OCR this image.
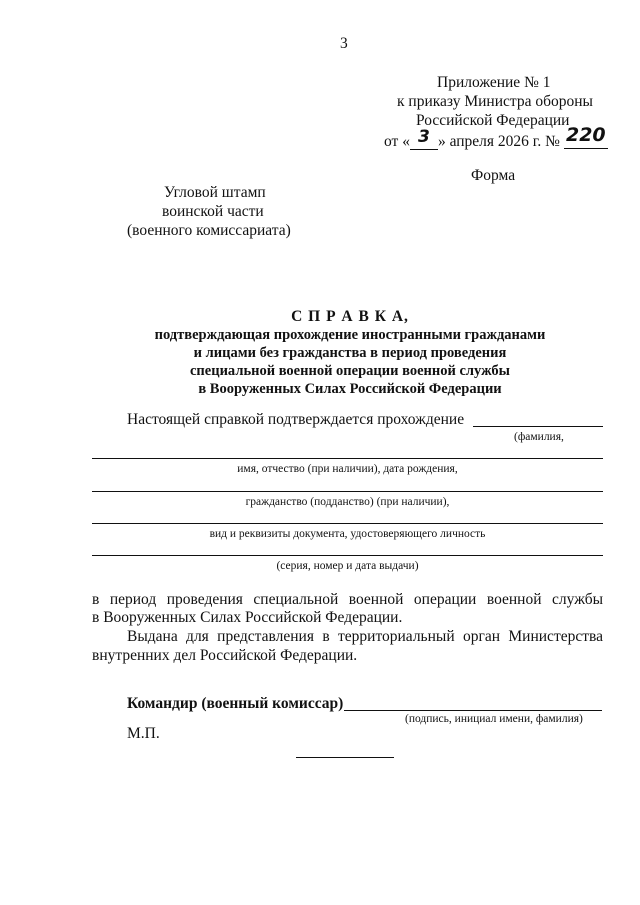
3
Приложение № 1
к приказу Министра обороны
Российской Федерации
от « 3 » апреля 2026 г. № 220
Форма
Угловой штамп
воинской части
(военного комиссариата)
С П Р А В К А,
подтверждающая прохождение иностранными гражданами
и лицами без гражданства в период проведения
специальной военной операции военной службы
в Вооруженных Силах Российской Федерации
Настоящей справкой подтверждается прохождение
(фамилия,
имя, отчество (при наличии), дата рождения,
гражданство (подданство) (при наличии),
вид и реквизиты документа, удостоверяющего личность
(серия, номер и дата выдачи)
в период проведения специальной военной операции военной службы
в Вооруженных Силах Российской Федерации.
Выдана для представления в территориальный орган Министерства
внутренних дел Российской Федерации.
Командир (военный комиссар)
(подпись, инициал имени, фамилия)
М.П.
